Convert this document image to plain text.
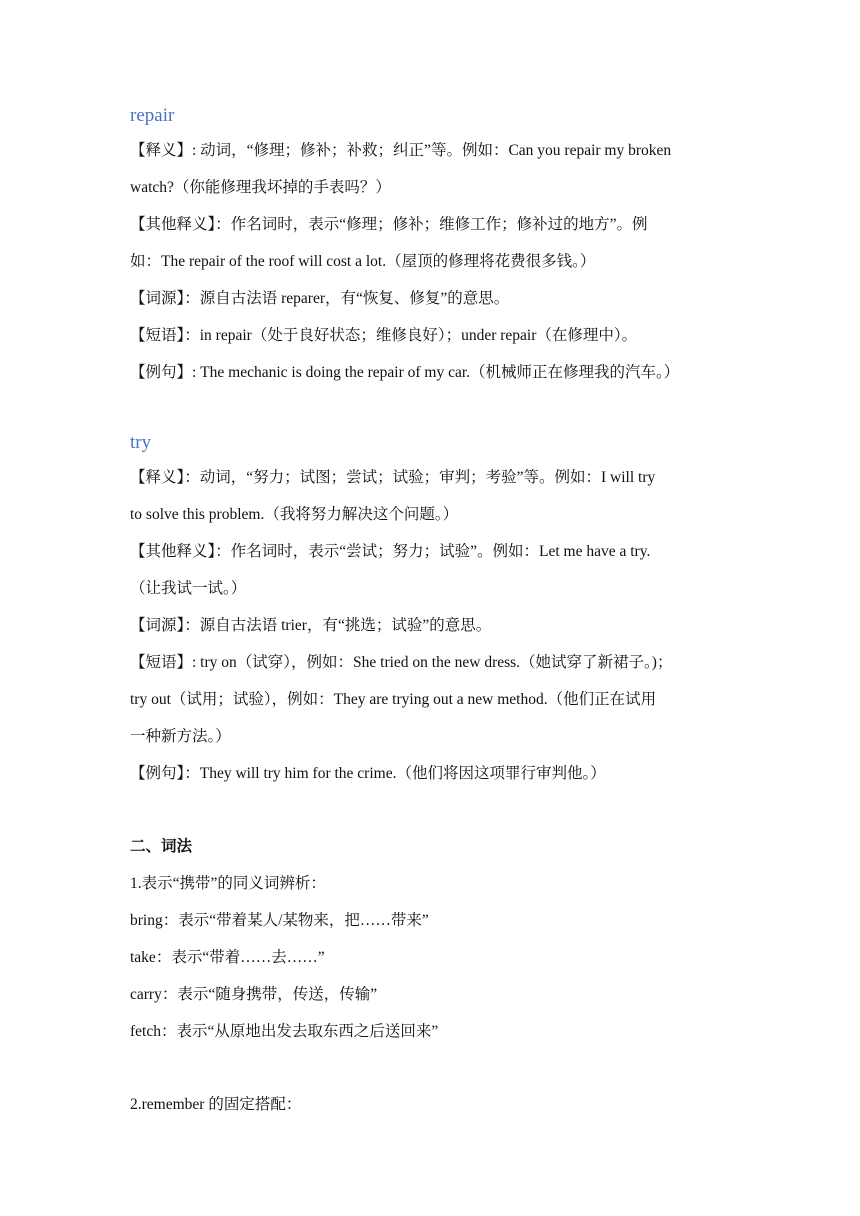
repair

【释义】: 动词，“修理；修补；补救；纠正”等。例如：Can you repair my broken

watch?（你能修理我坏掉的手表吗？）

【其他释义】：作名词时，表示“修理；修补；维修工作；修补过的地方”。例

如：The repair of the roof will cost a lot.（屋顶的修理将花费很多钱。）

【词源】：源自古法语 reparer，有“恢复、修复”的意思。

【短语】：in repair（处于良好状态；维修良好）；under repair（在修理中）。

【例句】: The mechanic is doing the repair of my car.（机械师正在修理我的汽车。）

try

【释义】：动词，“努力；试图；尝试；试验；审判；考验”等。例如：I will try

to solve this problem.（我将努力解决这个问题。）

【其他释义】：作名词时，表示“尝试；努力；试验”。例如：Let me have a try.

（让我试一试。）

【词源】：源自古法语 trier，有“挑选；试验”的意思。

【短语】: try on（试穿），例如：She tried on the new dress.（她试穿了新裙子。)；

try out（试用；试验），例如：They are trying out a new method.（他们正在试用

一种新方法。）

【例句】：They will try him for the crime.（他们将因这项罪行审判他。）

二、词法

1.表示“携带”的同义词辨析：

bring：表示“带着某人/某物来，把……带来”

take：表示“带着……去……”

carry：表示“随身携带，传送，传输”

fetch：表示“从原地出发去取东西之后送回来”

2.remember 的固定搭配：
